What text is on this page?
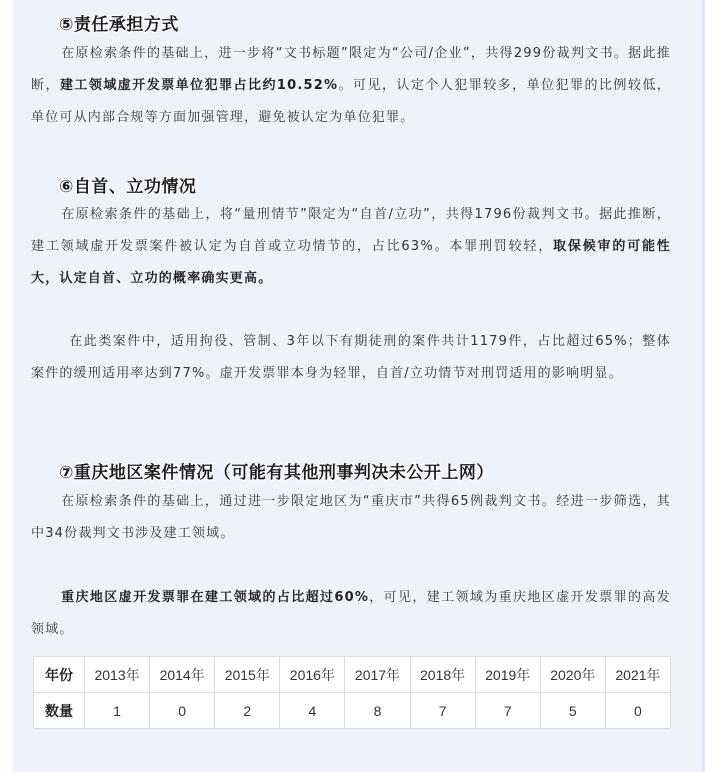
⑤责任承担方式
在原检索条件的基础上，进一步将“文书标题”限定为“公司/企业”，共得299份裁判文书。据此推断，建工领域虚开发票单位犯罪占比约10.52%。可见，认定个人犯罪较多，单位犯罪的比例较低，单位可从内部合规等方面加强管理，避免被认定为单位犯罪。
⑥自首、立功情况
在原检索条件的基础上，将“量刑情节”限定为“自首/立功”，共得1796份裁判文书。据此推断，建工领域虚开发票案件被认定为自首或立功情节的，占比63%。本罪刑罚较轻，取保候审的可能性大，认定自首、立功的概率确实更高。
在此类案件中，适用拘役、管制、3年以下有期徒刑的案件共计1179件，占比超过65%；整体案件的缓刑适用率达到77%。虚开发票罪本身为轻罪，自首/立功情节对刑罚适用的影响明显。
⑦重庆地区案件情况（可能有其他刑事判决未公开上网）
在原检索条件的基础上，通过进一步限定地区为“重庆市”共得65例裁判文书。经进一步筛选，其中34份裁判文书涉及建工领域。
重庆地区虚开发票罪在建工领域的占比超过60%，可见，建工领域为重庆地区虚开发票罪的高发领域。
年份	2013年	2014年	2015年	2016年	2017年	2018年	2019年	2020年	2021年
数量	1	0	2	4	8	7	7	5	0
